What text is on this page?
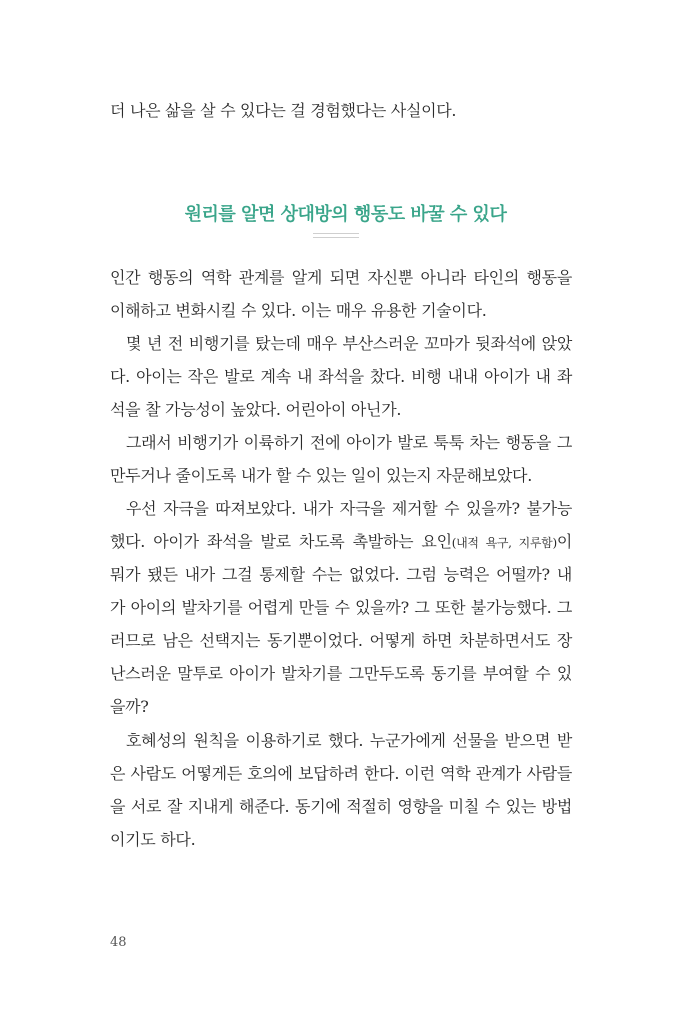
더 나은 삶을 살 수 있다는 걸 경험했다는 사실이다.
원리를 알면 상대방의 행동도 바꿀 수 있다
인간 행동의 역학 관계를 알게 되면 자신뿐 아니라 타인의 행동을
이해하고 변화시킬 수 있다. 이는 매우 유용한 기술이다.
몇 년 전 비행기를 탔는데 매우 부산스러운 꼬마가 뒷좌석에 앉았
다. 아이는 작은 발로 계속 내 좌석을 찼다. 비행 내내 아이가 내 좌
석을 찰 가능성이 높았다. 어린아이 아닌가.
그래서 비행기가 이륙하기 전에 아이가 발로 툭툭 차는 행동을 그
만두거나 줄이도록 내가 할 수 있는 일이 있는지 자문해보았다.
우선 자극을 따져보았다. 내가 자극을 제거할 수 있을까? 불가능
했다. 아이가 좌석을 발로 차도록 촉발하는 요인(내적 욕구, 지루함)이
뭐가 됐든 내가 그걸 통제할 수는 없었다. 그럼 능력은 어떨까? 내
가 아이의 발차기를 어렵게 만들 수 있을까? 그 또한 불가능했다. 그
러므로 남은 선택지는 동기뿐이었다. 어떻게 하면 차분하면서도 장
난스러운 말투로 아이가 발차기를 그만두도록 동기를 부여할 수 있
을까?
호혜성의 원칙을 이용하기로 했다. 누군가에게 선물을 받으면 받
은 사람도 어떻게든 호의에 보답하려 한다. 이런 역학 관계가 사람들
을 서로 잘 지내게 해준다. 동기에 적절히 영향을 미칠 수 있는 방법
이기도 하다.
48
